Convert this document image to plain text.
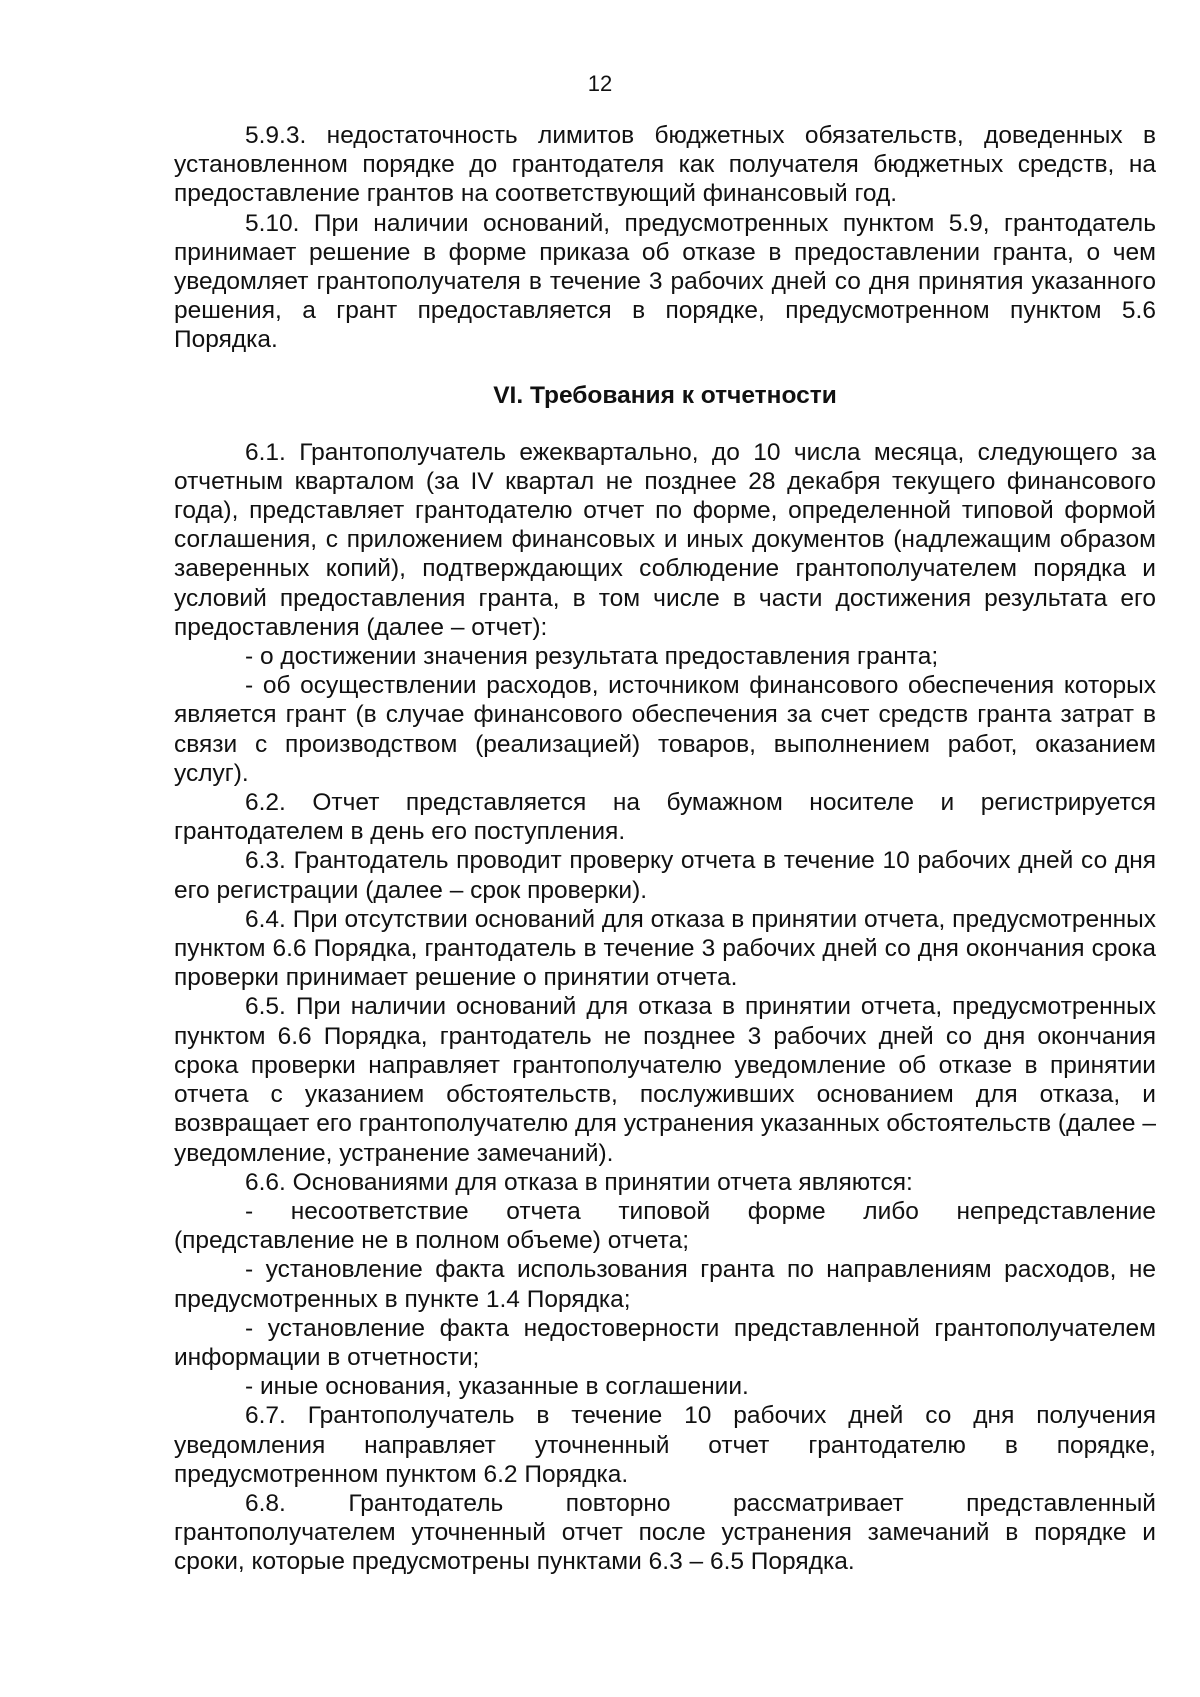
12

5.9.3. недостаточность лимитов бюджетных обязательств, доведенных в установленном порядке до грантодателя как получателя бюджетных средств, на предоставление грантов на соответствующий финансовый год.

5.10. При наличии оснований, предусмотренных пунктом 5.9, грантодатель принимает решение в форме приказа об отказе в предоставлении гранта, о чем уведомляет грантополучателя в течение 3 рабочих дней со дня принятия указанного решения, а грант предоставляется в порядке, предусмотренном пунктом 5.6 Порядка.

VI. Требования к отчетности

6.1. Грантополучатель ежеквартально, до 10 числа месяца, следующего за отчетным кварталом (за IV квартал не позднее 28 декабря текущего финансового года), представляет грантодателю отчет по форме, определенной типовой формой соглашения, с приложением финансовых и иных документов (надлежащим образом заверенных копий), подтверждающих соблюдение грантополучателем порядка и условий предоставления гранта, в том числе в части достижения результата его предоставления (далее – отчет):

- о достижении значения результата предоставления гранта;

- об осуществлении расходов, источником финансового обеспечения которых является грант (в случае финансового обеспечения за счет средств гранта затрат в связи с производством (реализацией) товаров, выполнением работ, оказанием услуг).

6.2. Отчет представляется на бумажном носителе и регистрируется грантодателем в день его поступления.

6.3. Грантодатель проводит проверку отчета в течение 10 рабочих дней со дня его регистрации (далее – срок проверки).

6.4. При отсутствии оснований для отказа в принятии отчета, предусмотренных пунктом 6.6 Порядка, грантодатель в течение 3 рабочих дней со дня окончания срока проверки принимает решение о принятии отчета.

6.5. При наличии оснований для отказа в принятии отчета, предусмотренных пунктом 6.6 Порядка, грантодатель не позднее 3 рабочих дней со дня окончания срока проверки направляет грантополучателю уведомление об отказе в принятии отчета с указанием обстоятельств, послуживших основанием для отказа, и возвращает его грантополучателю для устранения указанных обстоятельств (далее – уведомление, устранение замечаний).

6.6. Основаниями для отказа в принятии отчета являются:

- несоответствие отчета типовой форме либо непредставление (представление не в полном объеме) отчета;

- установление факта использования гранта по направлениям расходов, не предусмотренных в пункте 1.4 Порядка;

- установление факта недостоверности представленной грантополучателем информации в отчетности;

- иные основания, указанные в соглашении.

6.7. Грантополучатель в течение 10 рабочих дней со дня получения уведомления направляет уточненный отчет грантодателю в порядке, предусмотренном пунктом 6.2 Порядка.

6.8. Грантодатель повторно рассматривает представленный грантополучателем уточненный отчет после устранения замечаний в порядке и сроки, которые предусмотрены пунктами 6.3 – 6.5 Порядка.
